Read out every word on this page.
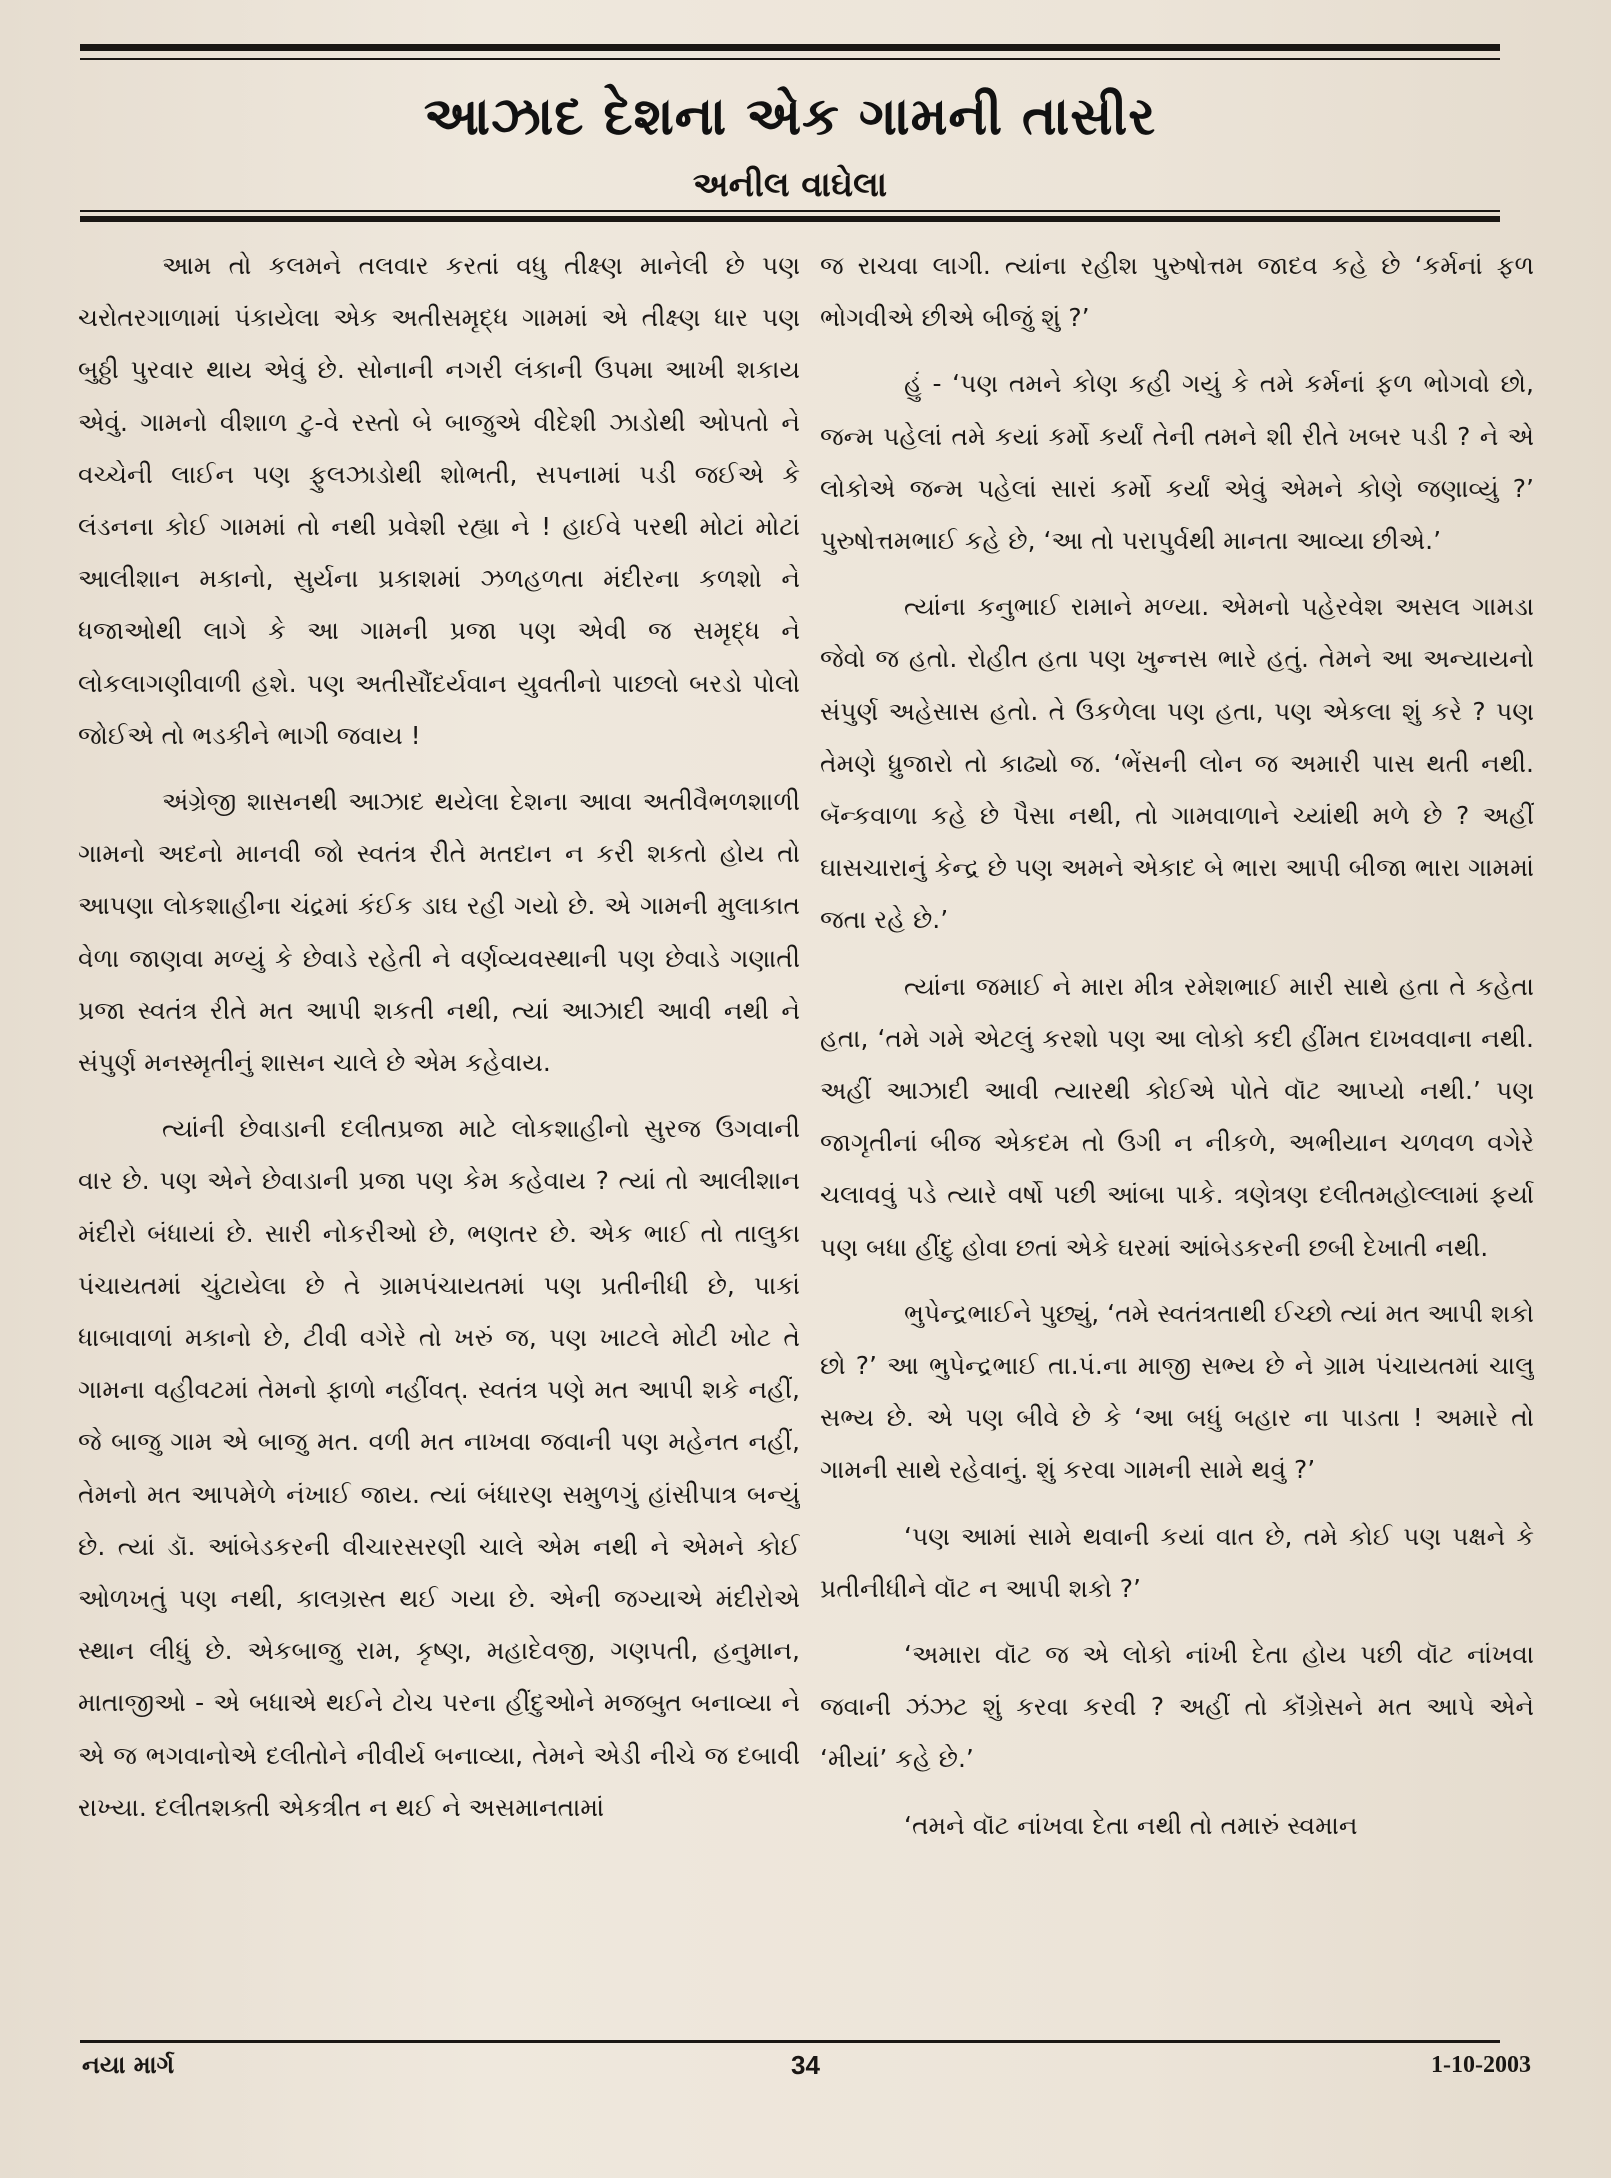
આઝાદ દેશના એક ગામની તાસીર
અનીલ વાઘેલા

આમ તો કલમને તલવાર કરતાં વધુ તીક્ષ્ણ માનેલી છે પણ ચરોતરગાળામાં પંકાયેલા એક અતીસમૃદ્ધ ગામમાં એ તીક્ષ્ણ ધાર પણ બુઠ્ઠી પુરવાર થાય એવું છે. સોનાની નગરી લંકાની ઉપમા આખી શકાય એવું. ગામનો વીશાળ ટુ-વે રસ્તો બે બાજુએ વીદેશી ઝાડોથી ઓપતો ને વચ્ચેની લાઈન પણ ફુલઝાડોથી શોભતી, સપનામાં પડી જઈએ કે લંડનના કોઈ ગામમાં તો નથી પ્રવેશી રહ્યા ને ! હાઈવે પરથી મોટાં મોટાં આલીશાન મકાનો, સુર્યના પ્રકાશમાં ઝળહળતા મંદીરના કળશો ને ધજાઓથી લાગે કે આ ગામની પ્રજા પણ એવી જ સમૃદ્ધ ને લોકલાગણીવાળી હશે. પણ અતીસૌંદર્યવાન યુવતીનો પાછલો બરડો પોલો જોઈએ તો ભડકીને ભાગી જવાય !

અંગ્રેજી શાસનથી આઝાદ થયેલા દેશના આવા અતીવૈભળશાળી ગામનો અદનો માનવી જો સ્વતંત્ર રીતે મતદાન ન કરી શકતો હોય તો આપણા લોકશાહીના ચંદ્રમાં કંઈક ડાઘ રહી ગયો છે. એ ગામની મુલાકાત વેળા જાણવા મળ્યું કે છેવાડે રહેતી ને વર્ણવ્યવસ્થાની પણ છેવાડે ગણાતી પ્રજા સ્વતંત્ર રીતે મત આપી શકતી નથી, ત્યાં આઝાદી આવી નથી ને સંપુર્ણ મનસ્મૃતીનું શાસન ચાલે છે એમ કહેવાય.

ત્યાંની છેવાડાની દલીતપ્રજા માટે લોકશાહીનો સુરજ ઉગવાની વાર છે. પણ એને છેવાડાની પ્રજા પણ કેમ કહેવાય ? ત્યાં તો આલીશાન મંદીરો બંધાયાં છે. સારી નોકરીઓ છે, ભણતર છે. એક ભાઈ તો તાલુકા પંચાયતમાં ચુંટાયેલા છે તે ગ્રામપંચાયતમાં પણ પ્રતીનીધી છે, પાકાં ધાબાવાળાં મકાનો છે, ટીવી વગેરે તો ખરું જ, પણ ખાટલે મોટી ખોટ તે ગામના વહીવટમાં તેમનો ફાળો નહીંવત્. સ્વતંત્ર પણે મત આપી શકે નહીં, જે બાજુ ગામ એ બાજુ મત. વળી મત નાખવા જવાની પણ મહેનત નહીં, તેમનો મત આપમેળે નંખાઈ જાય. ત્યાં બંધારણ સમુળગું હાંસીપાત્ર બન્યું છે. ત્યાં ડૉ. આંબેડકરની વીચારસરણી ચાલે એમ નથી ને એમને કોઈ ઓળખતું પણ નથી, કાલગ્રસ્ત થઈ ગયા છે. એની જગ્યાએ મંદીરોએ સ્થાન લીધું છે. એકબાજુ રામ, કૃષ્ણ, મહાદેવજી, ગણપતી, હનુમાન, માતાજીઓ - એ બધાએ થઈને ટોચ પરના હીંદુઓને મજબુત બનાવ્યા ને એ જ ભગવાનોએ દલીતોને નીવીર્ય બનાવ્યા, તેમને એડી નીચે જ દબાવી રાખ્યા. દલીતશક્તી એકત્રીત ન થઈ ને અસમાનતામાં

જ રાચવા લાગી. ત્યાંના રહીશ પુરુષોત્તમ જાદવ કહે છે ‘કર્મનાં ફળ ભોગવીએ છીએ બીજું શું ?’

હું - ‘પણ તમને કોણ કહી ગયું કે તમે કર્મનાં ફળ ભોગવો છો, જન્મ પહેલાં તમે કયાં કર્મો કર્યાં તેની તમને શી રીતે ખબર પડી ? ને એ લોકોએ જન્મ પહેલાં સારાં કર્મો કર્યાં એવું એમને કોણે જણાવ્યું ?’ પુરુષોત્તમભાઈ કહે છે, ‘આ તો પરાપુર્વથી માનતા આવ્યા છીએ.’

ત્યાંના કનુભાઈ રામાને મળ્યા. એમનો પહેરવેશ અસલ ગામડા જેવો જ હતો. રોહીત હતા પણ ખુન્નસ ભારે હતું. તેમને આ અન્યાયનો સંપુર્ણ અહેસાસ હતો. તે ઉકળેલા પણ હતા, પણ એકલા શું કરે ? પણ તેમણે ધ્રુજારો તો કાઢ્યો જ. ‘ભેંસની લોન જ અમારી પાસ થતી નથી. બૅન્કવાળા કહે છે પૈસા નથી, તો ગામવાળાને ચ્યાંથી મળે છે ? અહીં ઘાસચારાનું કેન્દ્ર છે પણ અમને એકાદ બે ભારા આપી બીજા ભારા ગામમાં જતા રહે છે.’

ત્યાંના જમાઈ ને મારા મીત્ર રમેશભાઈ મારી સાથે હતા તે કહેતા હતા, ‘તમે ગમે એટલું કરશો પણ આ લોકો કદી હીંમત દાખવવાના નથી. અહીં આઝાદી આવી ત્યારથી કોઈએ પોતે વૉટ આપ્યો નથી.’ પણ જાગૃતીનાં બીજ એકદમ તો ઉગી ન નીકળે, અભીયાન ચળવળ વગેરે ચલાવવું પડે ત્યારે વર્ષો પછી આંબા પાકે. ત્રણેત્રણ દલીતમહોલ્લામાં ફર્યા પણ બધા હીંદુ હોવા છતાં એકે ઘરમાં આંબેડકરની છબી દેખાતી નથી.

ભુપેન્દ્રભાઈને પુછ્યું, ‘તમે સ્વતંત્રતાથી ઈચ્છો ત્યાં મત આપી શકો છો ?’ આ ભુપેન્દ્રભાઈ તા.પં.ના માજી સભ્ય છે ને ગ્રામ પંચાયતમાં ચાલુ સભ્ય છે. એ પણ બીવે છે કે ‘આ બધું બહાર ના પાડતા ! અમારે તો ગામની સાથે રહેવાનું. શું કરવા ગામની સામે થવું ?’

‘પણ આમાં સામે થવાની કયાં વાત છે, તમે કોઈ પણ પક્ષને કે પ્રતીનીધીને વૉટ ન આપી શકો ?’

‘અમારા વૉટ જ એ લોકો નાંખી દેતા હોય પછી વૉટ નાંખવા જવાની ઝંઝટ શું કરવા કરવી ? અહીં તો કૉંગ્રેસને મત આપે એને ‘મીયાં’ કહે છે.’

‘તમને વૉટ નાંખવા દેતા નથી તો તમારું સ્વમાન

નયા માર્ગ	34	1-10-2003
